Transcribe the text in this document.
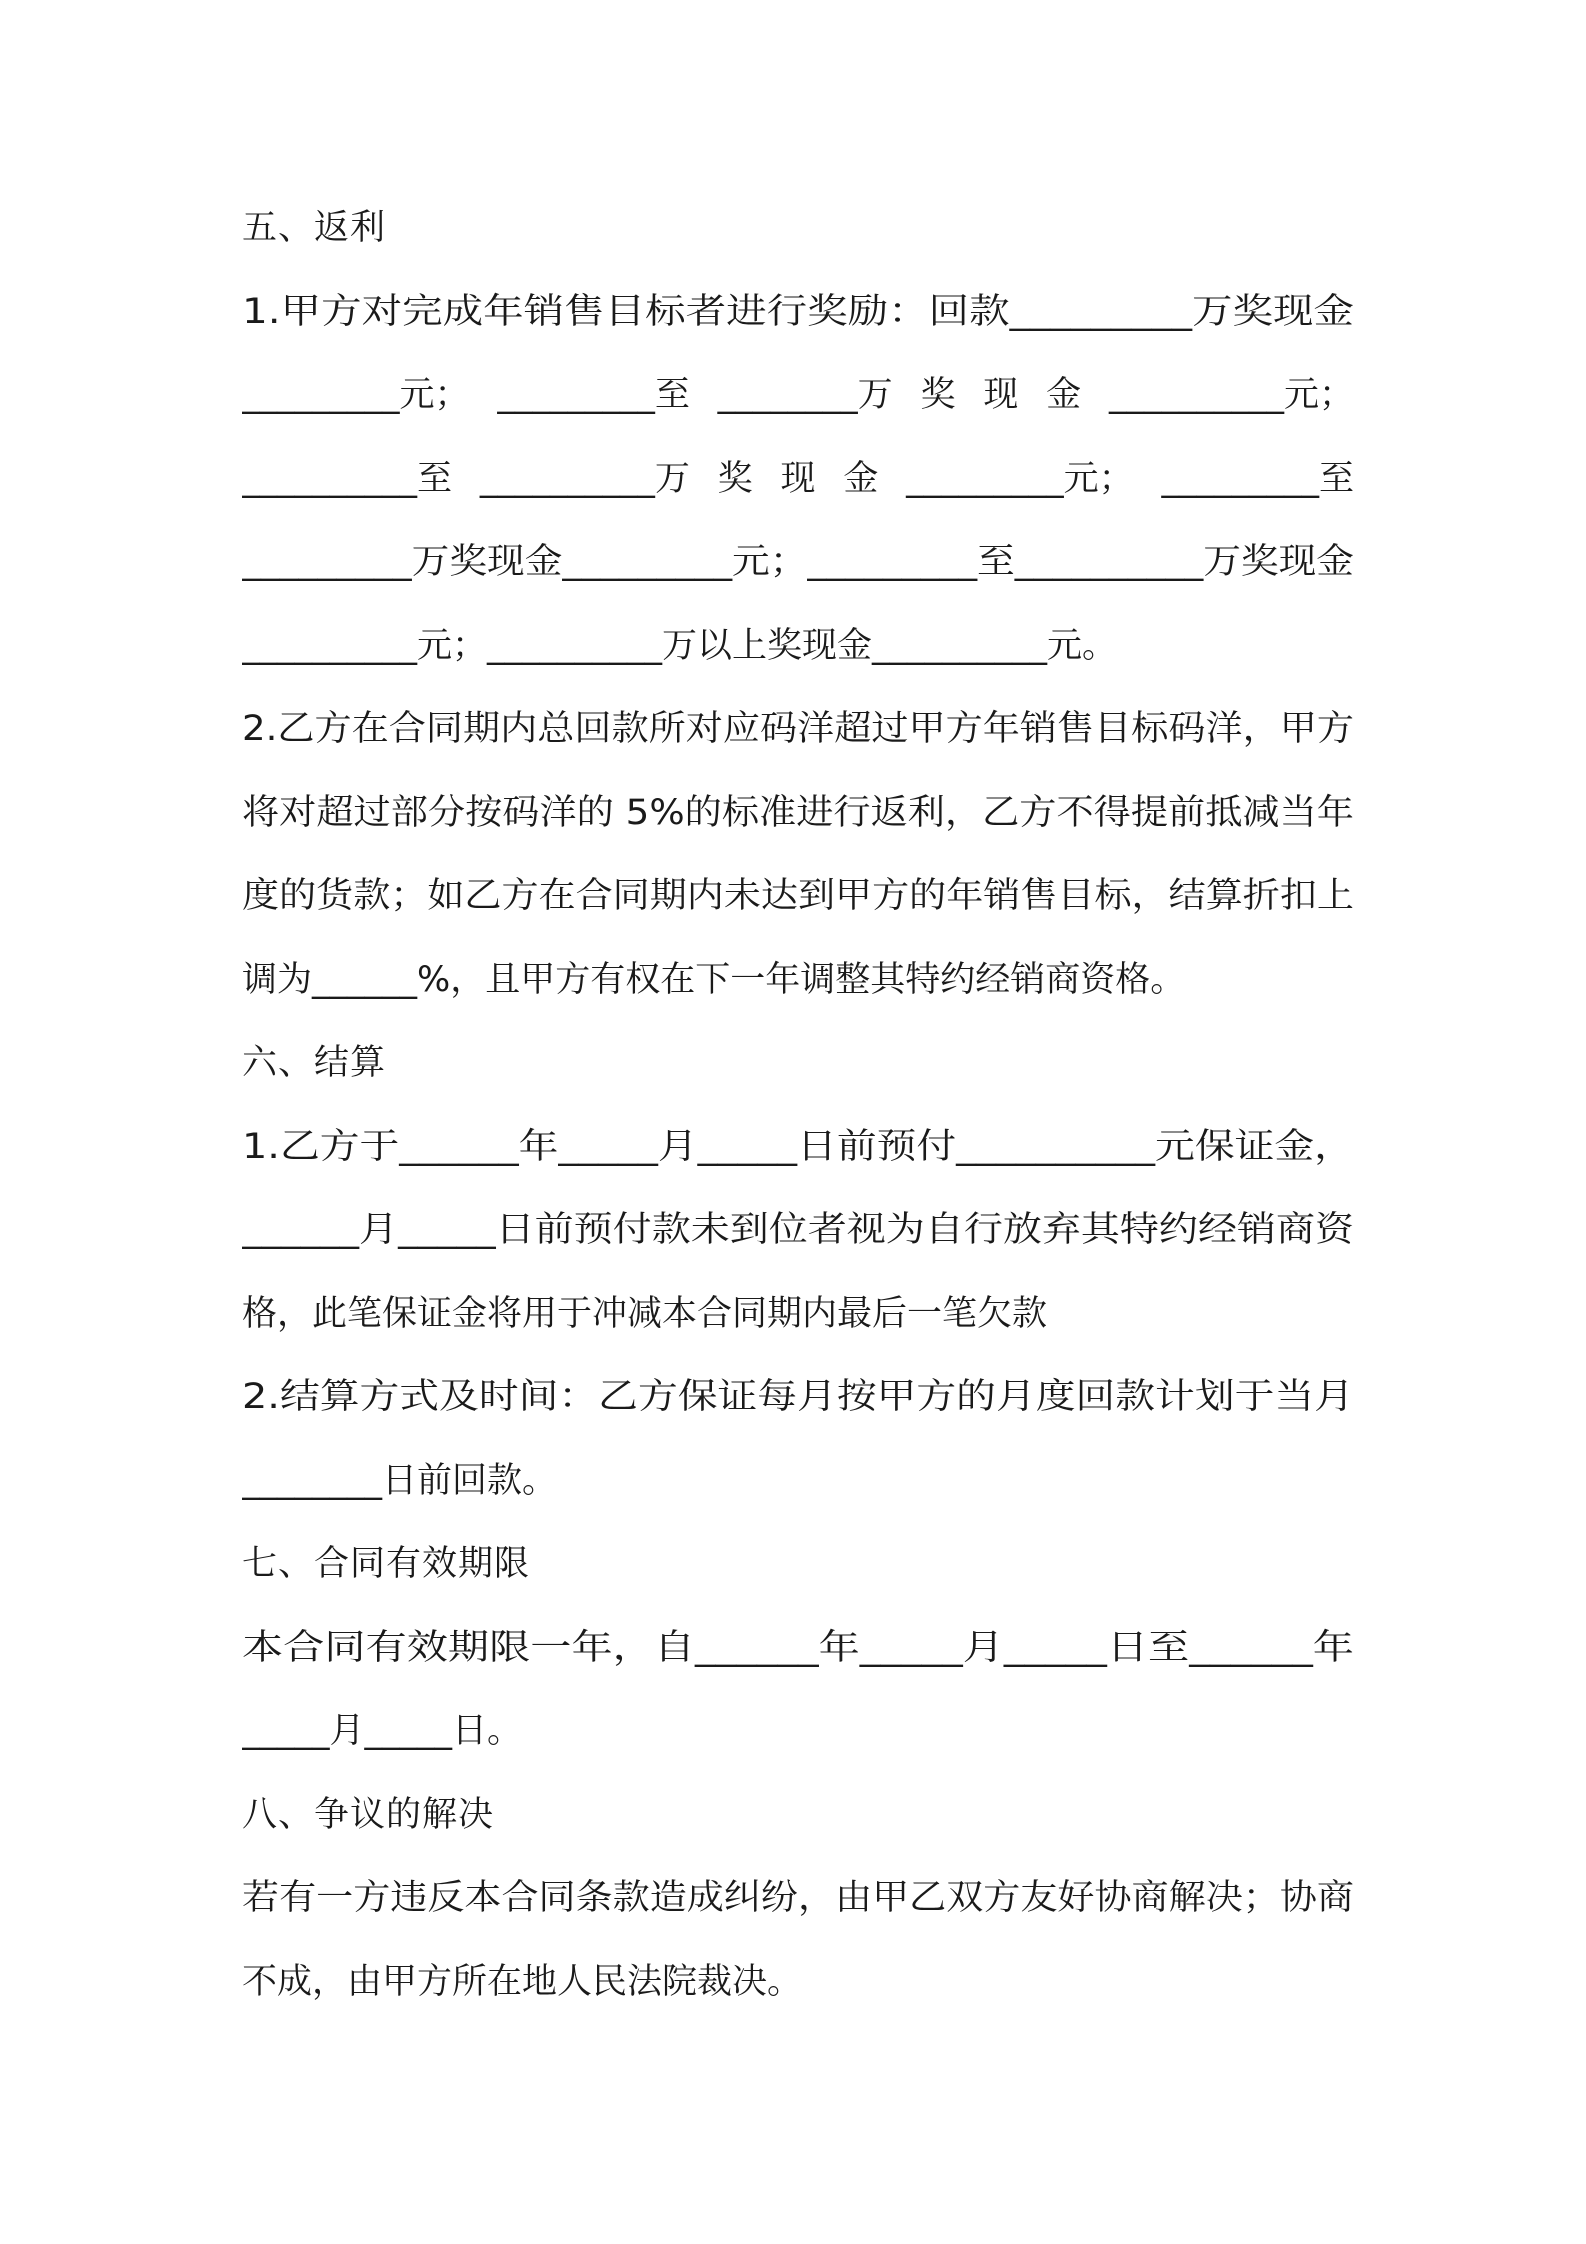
五、返利
1.甲方对完成年销售目标者进行奖励：回款_________万奖现金
_________元； _________至 ________万 奖 现 金 __________元；
__________至 __________万 奖 现 金 _________元； _________至
_________万奖现金_________元；_________至__________万奖现金
__________元；__________万以上奖现金__________元。
2.乙方在合同期内总回款所对应码洋超过甲方年销售目标码洋，甲方
将对超过部分按码洋的 5%的标准进行返利，乙方不得提前抵减当年
度的货款；如乙方在合同期内未达到甲方的年销售目标，结算折扣上
调为______%，且甲方有权在下一年调整其特约经销商资格。
六、结算
1.乙方于______年_____月_____日前预付__________元保证金，
______月_____日前预付款未到位者视为自行放弃其特约经销商资
格，此笔保证金将用于冲减本合同期内最后一笔欠款
2.结算方式及时间：乙方保证每月按甲方的月度回款计划于当月
________日前回款。
七、合同有效期限
本合同有效期限一年，自______年_____月_____日至______年
_____月_____日。
八、争议的解决
若有一方违反本合同条款造成纠纷，由甲乙双方友好协商解决；协商
不成，由甲方所在地人民法院裁决。
